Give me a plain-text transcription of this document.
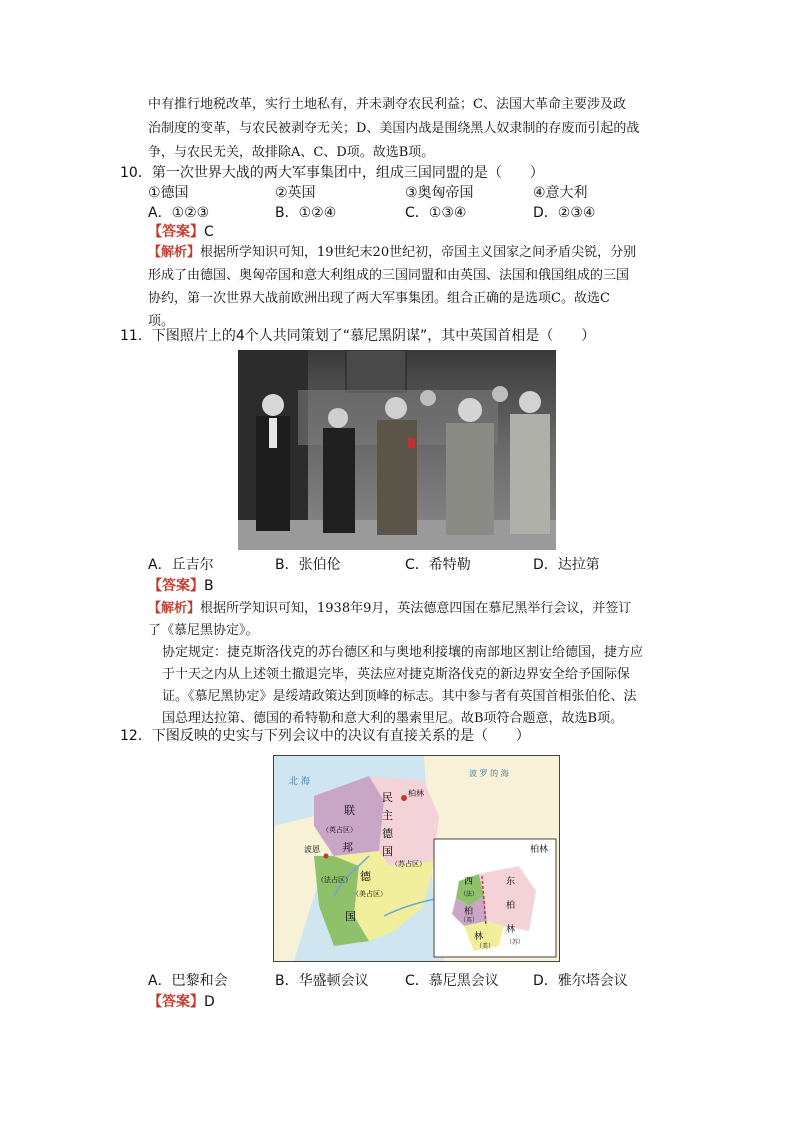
中有推行地税改革，实行土地私有，并未剥夺农民利益；C、法国大革命主要涉及政
治制度的变革，与农民被剥夺无关；D、美国内战是围绕黑人奴隶制的存废而引起的战
争，与农民无关，故排除A、C、D项。故选B项。
10．第一次世界大战的两大军事集团中，组成三国同盟的是（　　）
①德国	②英国	③奥匈帝国	④意大利
A．①②③	B．①②④	C．①③④	D．②③④
【答案】C
【解析】根据所学知识可知，19世纪末20世纪初，帝国主义国家之间矛盾尖锐，分别
形成了由德国、奥匈帝国和意大利组成的三国同盟和由英国、法国和俄国组成的三国
协约，第一次世界大战前欧洲出现了两大军事集团。组合正确的是选项C。故选C
项。
11．下图照片上的4个人共同策划了“慕尼黑阴谋”，其中英国首相是（　　）
A．丘吉尔	B．张伯伦	C．希特勒	D．达拉第
【答案】B
【解析】根据所学知识可知，1938年9月，英法德意四国在慕尼黑举行会议，并签订
了《慕尼黑协定》。
协定规定：捷克斯洛伐克的苏台德区和与奥地利接壤的南部地区割让给德国，捷方应
于十天之内从上述领土撤退完毕，英法应对捷克斯洛伐克的新边界安全给予国际保
证。《慕尼黑协定》是绥靖政策达到顶峰的标志。其中参与者有英国首相张伯伦、法
国总理达拉第、德国的希特勒和意大利的墨索里尼。故B项符合题意，故选B项。
12．下图反映的史实与下列会议中的决议有直接关系的是（　　）
北 海
波 罗 的 海
联
邦
德
国
民
主
德
国
（英占区）
（苏占区）
（法占区）
（美占区）
波恩
柏林
柏林
西
柏
林
东
柏
林
（法）
（英）
（美）
（苏）
A．巴黎和会	B．华盛顿会议	C．慕尼黑会议 D．雅尔塔会议
【答案】D
